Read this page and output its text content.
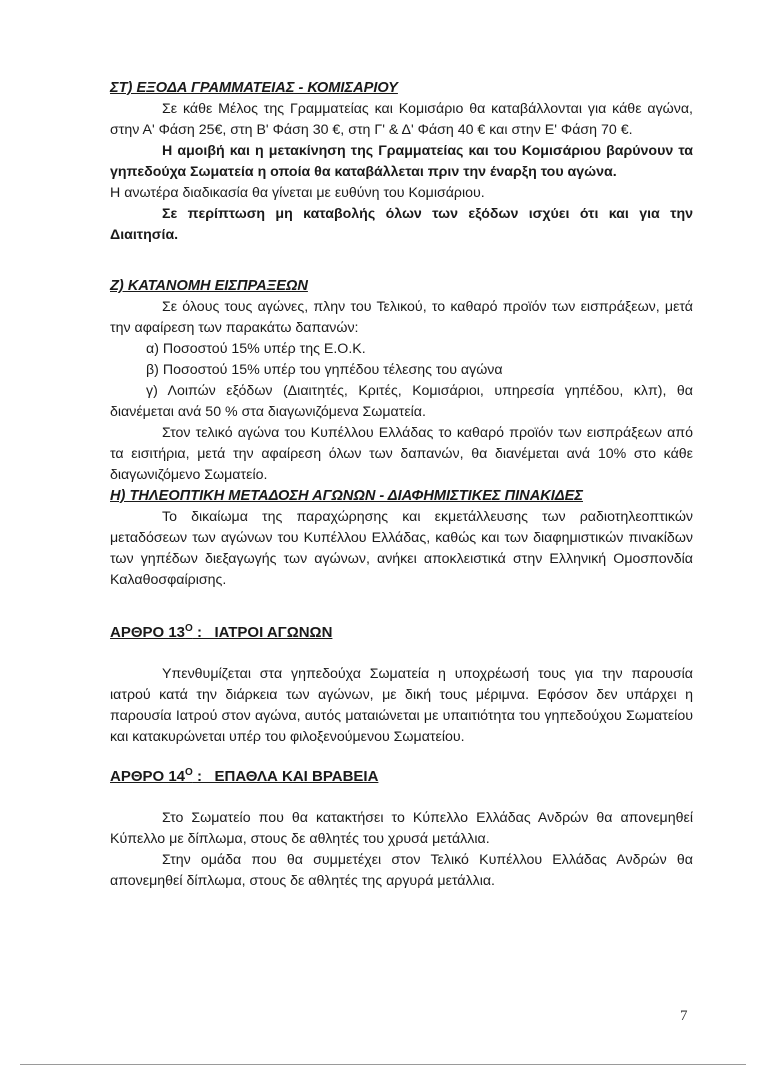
ΣΤ) ΕΞΟΔΑ ΓΡΑΜΜΑΤΕΙΑΣ - ΚΟΜΙΣΑΡΙΟΥ

Σε κάθε Μέλος της Γραμματείας και Κομισάριο θα καταβάλλονται για κάθε αγώνα, στην Α' Φάση 25€, στη Β' Φάση 30 €, στη Γ' & Δ' Φάση 40 € και στην Ε' Φάση 70 €.

Η αμοιβή και η μετακίνηση της Γραμματείας και του Κομισάριου βαρύνουν τα γηπεδούχα Σωματεία η οποία θα καταβάλλεται πριν την έναρξη του αγώνα.

Η ανωτέρα διαδικασία θα γίνεται με ευθύνη του Κομισάριου.

Σε περίπτωση μη καταβολής όλων των εξόδων ισχύει ότι και για την Διαιτησία.

Ζ) ΚΑΤΑΝΟΜΗ ΕΙΣΠΡΑΞΕΩΝ

Σε όλους τους αγώνες, πλην του Τελικού, το καθαρό προϊόν των εισπράξεων, μετά την αφαίρεση των παρακάτω δαπανών:

α) Ποσοστού 15% υπέρ της Ε.Ο.Κ.

β) Ποσοστού 15% υπέρ του γηπέδου τέλεσης του αγώνα

γ) Λοιπών εξόδων (Διαιτητές, Κριτές, Κομισάριοι, υπηρεσία γηπέδου, κλπ), θα διανέμεται ανά 50 % στα διαγωνιζόμενα Σωματεία.

Στον τελικό αγώνα του Κυπέλλου Ελλάδας το καθαρό προϊόν των εισπράξεων από τα εισιτήρια, μετά την αφαίρεση όλων των δαπανών, θα διανέμεται ανά 10% στο κάθε διαγωνιζόμενο Σωματείο.

Η) ΤΗΛΕΟΠΤΙΚΗ ΜΕΤΑΔΟΣΗ ΑΓΩΝΩΝ - ΔΙΑΦΗΜΙΣΤΙΚΕΣ ΠΙΝΑΚΙΔΕΣ

Το δικαίωμα της παραχώρησης και εκμετάλλευσης των ραδιοτηλεοπτικών μεταδόσεων των αγώνων του Κυπέλλου Ελλάδας, καθώς και των διαφημιστικών πινακίδων των γηπέδων διεξαγωγής των αγώνων, ανήκει αποκλειστικά στην Ελληνική Ομοσπονδία Καλαθοσφαίρισης.

ΑΡΘΡΟ $13^O$ :   ΙΑΤΡΟΙ ΑΓΩΝΩΝ

Υπενθυμίζεται στα γηπεδούχα Σωματεία η υποχρέωσή τους για την παρουσία ιατρού κατά την διάρκεια των αγώνων, με δική τους μέριμνα. Εφόσον δεν υπάρχει η παρουσία Ιατρού στον αγώνα, αυτός ματαιώνεται με υπαιτιότητα του γηπεδούχου Σωματείου και κατακυρώνεται υπέρ του φιλοξενούμενου Σωματείου.

ΑΡΘΡΟ $14^O$ :   ΕΠΑΘΛΑ ΚΑΙ ΒΡΑΒΕΙΑ

Στο Σωματείο που θα κατακτήσει το Κύπελλο Ελλάδας Ανδρών θα απονεμηθεί Κύπελλο με δίπλωμα, στους δε αθλητές του χρυσά μετάλλια.

Στην ομάδα που θα συμμετέχει στον Τελικό Κυπέλλου Ελλάδας Ανδρών θα απονεμηθεί δίπλωμα, στους δε αθλητές της αργυρά μετάλλια.

7
